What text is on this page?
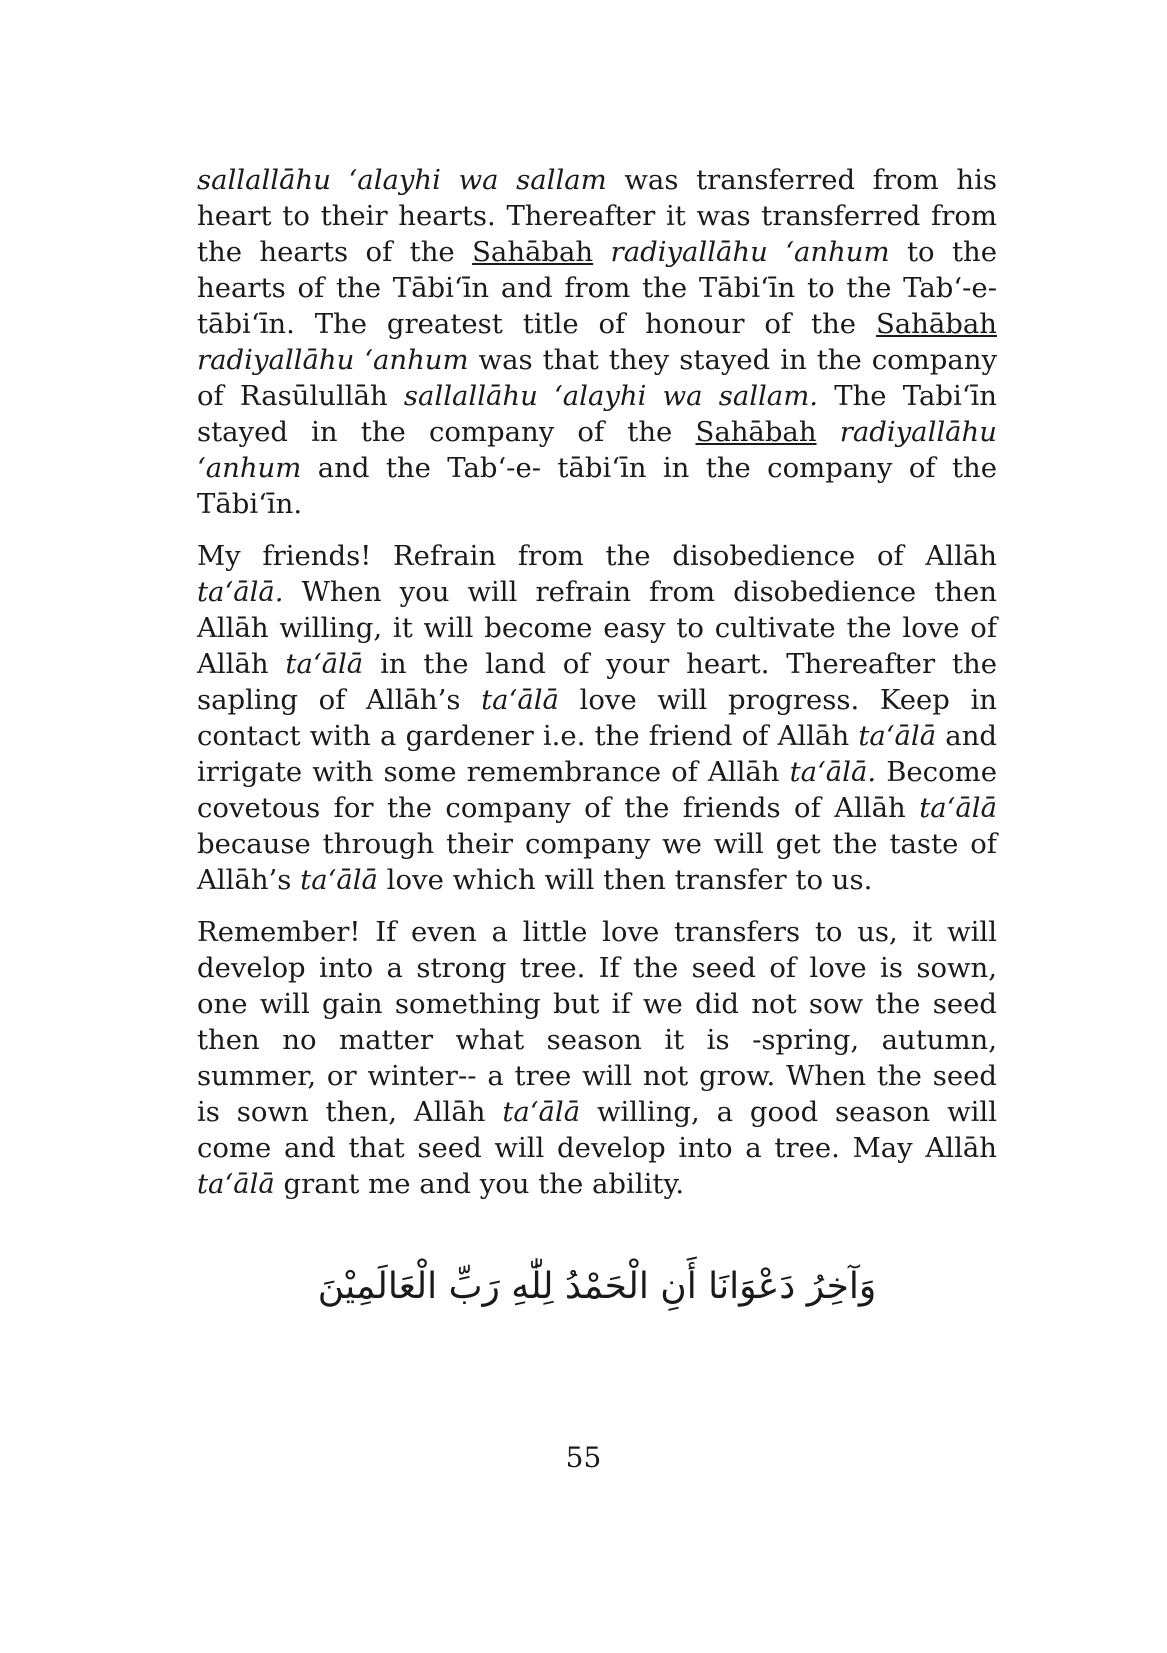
sallallāhu ʻalayhi wa sallam was transferred from his heart to their hearts. Thereafter it was transferred from the hearts of the Sahābah radiyallāhu ʻanhum to the hearts of the Tābiʻīn and from the Tābiʻīn to the Tabʻ-e- tābiʻīn. The greatest title of honour of the Sahābah radiyallāhu ʻanhum was that they stayed in the company of Rasūlullāh sallallāhu ʻalayhi wa sallam. The Tabiʻīn stayed in the company of the Sahābah radiyallāhu ʻanhum and the Tabʻ-e- tābiʻīn in the company of the Tābiʻīn.

My friends! Refrain from the disobedience of Allāh taʻālā. When you will refrain from disobedience then Allāh willing, it will become easy to cultivate the love of Allāh taʻālā in the land of your heart. Thereafter the sapling of Allāh’s taʻālā love will progress. Keep in contact with a gardener i.e. the friend of Allāh taʻālā and irrigate with some remembrance of Allāh taʻālā. Become covetous for the company of the friends of Allāh taʻālā because through their company we will get the taste of Allāh’s taʻālā love which will then transfer to us.

Remember! If even a little love transfers to us, it will develop into a strong tree. If the seed of love is sown, one will gain something but if we did not sow the seed then no matter what season it is -spring, autumn, summer, or winter-- a tree will not grow. When the seed is sown then, Allāh taʻālā willing, a good season will come and that seed will develop into a tree. May Allāh taʻālā grant me and you the ability.

وَآخِرُ دَعْوَانَا أَنِ الْحَمْدُ لِلّٰهِ رَبِّ الْعَالَمِيْنَ
55
